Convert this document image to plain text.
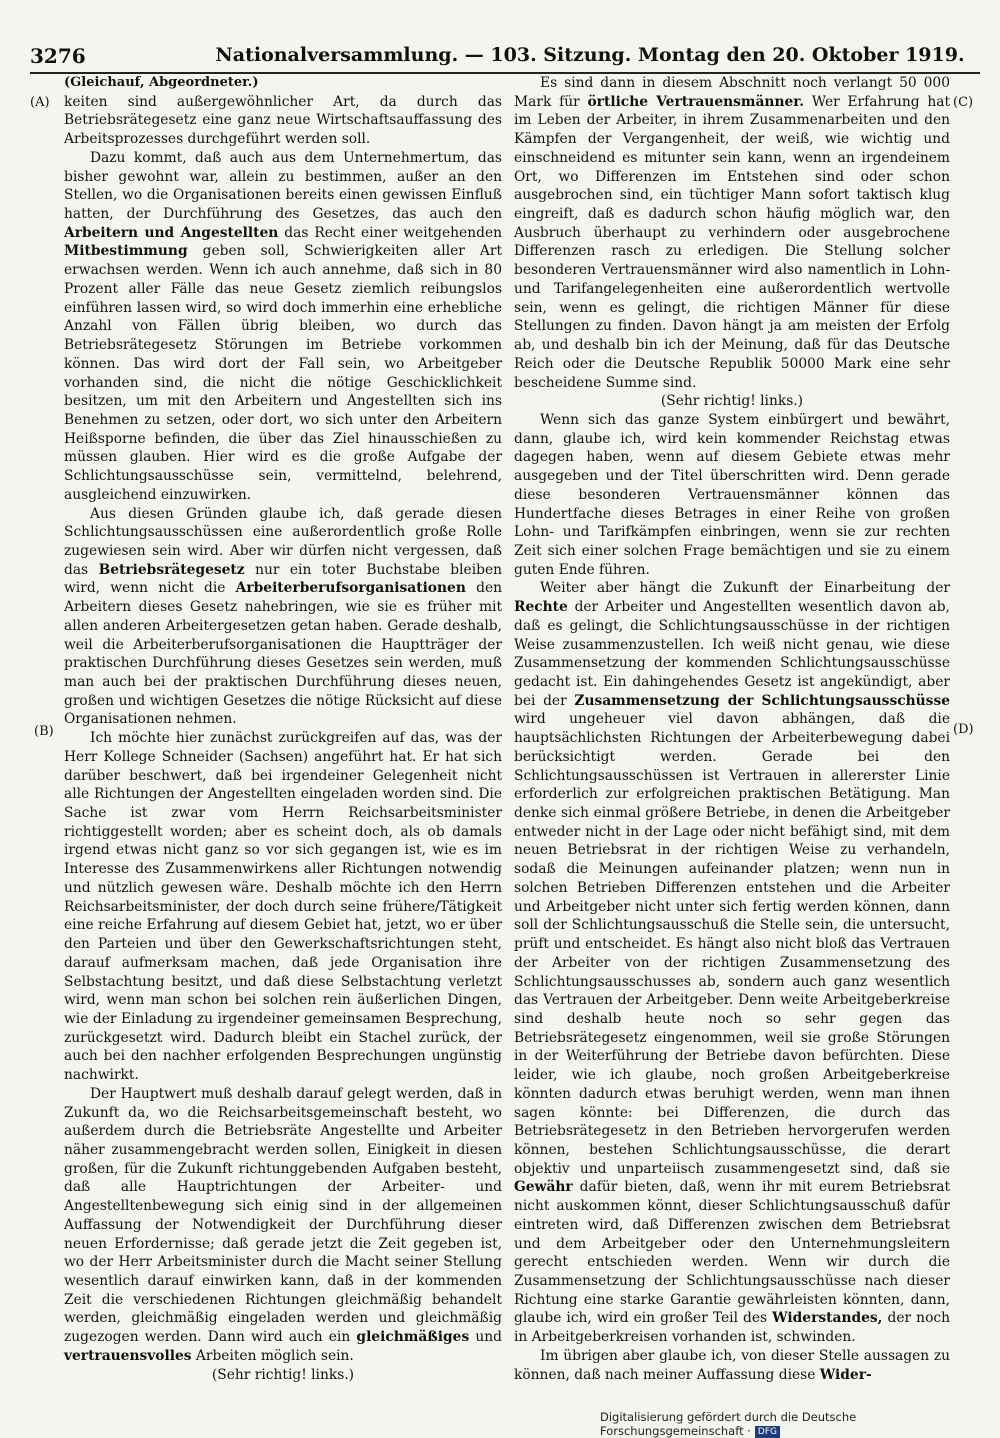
3276	Nationalversammlung. — 103. Sitzung. Montag den 20. Oktober 1919.
(A)
(B)
(C)
(D)

(Gleichauf, Abgeordneter.)

keiten sind außergewöhnlicher Art, da durch das Betriebsrätegesetz eine ganz neue Wirtschaftsauffassung des Arbeitsprozesses durchgeführt werden soll.

Dazu kommt, daß auch aus dem Unternehmertum, das bisher gewohnt war, allein zu bestimmen, außer an den Stellen, wo die Organisationen bereits einen gewissen Einfluß hatten, der Durchführung des Gesetzes, das auch den Arbeitern und Angestellten das Recht einer weitgehenden Mitbestimmung geben soll, Schwierigkeiten aller Art erwachsen werden. Wenn ich auch annehme, daß sich in 80 Prozent aller Fälle das neue Gesetz ziemlich reibungslos einführen lassen wird, so wird doch immerhin eine erhebliche Anzahl von Fällen übrig bleiben, wo durch das Betriebsrätegesetz Störungen im Betriebe vorkommen können. Das wird dort der Fall sein, wo Arbeitgeber vorhanden sind, die nicht die nötige Geschicklichkeit besitzen, um mit den Arbeitern und Angestellten sich ins Benehmen zu setzen, oder dort, wo sich unter den Arbeitern Heißsporne befinden, die über das Ziel hinausschießen zu müssen glauben. Hier wird es die große Aufgabe der Schlichtungsausschüsse sein, vermittelnd, belehrend, ausgleichend einzuwirken.

Aus diesen Gründen glaube ich, daß gerade diesen Schlichtungsausschüssen eine außerordentlich große Rolle zugewiesen sein wird. Aber wir dürfen nicht vergessen, daß das Betriebsrätegesetz nur ein toter Buchstabe bleiben wird, wenn nicht die Arbeiterberufsorganisationen den Arbeitern dieses Gesetz nahebringen, wie sie es früher mit allen anderen Arbeitergesetzen getan haben. Gerade deshalb, weil die Arbeiterberufsorganisationen die Hauptträger der praktischen Durchführung dieses Gesetzes sein werden, muß man auch bei der praktischen Durchführung dieses neuen, großen und wichtigen Gesetzes die nötige Rücksicht auf diese Organisationen nehmen.

Ich möchte hier zunächst zurückgreifen auf das, was der Herr Kollege Schneider (Sachsen) angeführt hat. Er hat sich darüber beschwert, daß bei irgendeiner Gelegenheit nicht alle Richtungen der Angestellten eingeladen worden sind. Die Sache ist zwar vom Herrn Reichsarbeitsminister richtiggestellt worden; aber es scheint doch, als ob damals irgend etwas nicht ganz so vor sich gegangen ist, wie es im Interesse des Zusammenwirkens aller Richtungen notwendig und nützlich gewesen wäre. Deshalb möchte ich den Herrn Reichsarbeitsminister, der doch durch seine frühere/Tätigkeit eine reiche Erfahrung auf diesem Gebiet hat, jetzt, wo er über den Parteien und über den Gewerkschaftsrichtungen steht, darauf aufmerksam machen, daß jede Organisation ihre Selbstachtung besitzt, und daß diese Selbstachtung verletzt wird, wenn man schon bei solchen rein äußerlichen Dingen, wie der Einladung zu irgendeiner gemeinsamen Besprechung, zurückgesetzt wird. Dadurch bleibt ein Stachel zurück, der auch bei den nachher erfolgenden Besprechungen ungünstig nachwirkt.

Der Hauptwert muß deshalb darauf gelegt werden, daß in Zukunft da, wo die Reichsarbeitsgemeinschaft besteht, wo außerdem durch die Betriebsräte Angestellte und Arbeiter näher zusammengebracht werden sollen, Einigkeit in diesen großen, für die Zukunft richtunggebenden Aufgaben besteht, daß alle Hauptrichtungen der Arbeiter- und Angestelltenbewegung sich einig sind in der allgemeinen Auffassung der Notwendigkeit der Durchführung dieser neuen Erfordernisse; daß gerade jetzt die Zeit gegeben ist, wo der Herr Arbeitsminister durch die Macht seiner Stellung wesentlich darauf einwirken kann, daß in der kommenden Zeit die verschiedenen Richtungen gleichmäßig behandelt werden, gleichmäßig eingeladen werden und gleichmäßig zugezogen werden. Dann wird auch ein gleichmäßiges und vertrauensvolles Arbeiten möglich sein.

(Sehr richtig! links.)

Es sind dann in diesem Abschnitt noch verlangt 50 000 Mark für örtliche Vertrauensmänner. Wer Erfahrung hat im Leben der Arbeiter, in ihrem Zusammenarbeiten und den Kämpfen der Vergangenheit, der weiß, wie wichtig und einschneidend es mitunter sein kann, wenn an irgendeinem Ort, wo Differenzen im Entstehen sind oder schon ausgebrochen sind, ein tüchtiger Mann sofort taktisch klug eingreift, daß es dadurch schon häufig möglich war, den Ausbruch überhaupt zu verhindern oder ausgebrochene Differenzen rasch zu erledigen. Die Stellung solcher besonderen Vertrauensmänner wird also namentlich in Lohn- und Tarifangelegenheiten eine außerordentlich wertvolle sein, wenn es gelingt, die richtigen Männer für diese Stellungen zu finden. Davon hängt ja am meisten der Erfolg ab, und deshalb bin ich der Meinung, daß für das Deutsche Reich oder die Deutsche Republik 50000 Mark eine sehr bescheidene Summe sind.

(Sehr richtig! links.)

Wenn sich das ganze System einbürgert und bewährt, dann, glaube ich, wird kein kommender Reichstag etwas dagegen haben, wenn auf diesem Gebiete etwas mehr ausgegeben und der Titel überschritten wird. Denn gerade diese besonderen Vertrauensmänner können das Hundertfache dieses Betrages in einer Reihe von großen Lohn- und Tarifkämpfen einbringen, wenn sie zur rechten Zeit sich einer solchen Frage bemächtigen und sie zu einem guten Ende führen.

Weiter aber hängt die Zukunft der Einarbeitung der Rechte der Arbeiter und Angestellten wesentlich davon ab, daß es gelingt, die Schlichtungsausschüsse in der richtigen Weise zusammenzustellen. Ich weiß nicht genau, wie diese Zusammensetzung der kommenden Schlichtungsausschüsse gedacht ist. Ein dahingehendes Gesetz ist angekündigt, aber bei der Zusammensetzung der Schlichtungsausschüsse wird ungeheuer viel davon abhängen, daß die hauptsächlichsten Richtungen der Arbeiterbewegung dabei berücksichtigt werden. Gerade bei den Schlichtungsausschüssen ist Vertrauen in allererster Linie erforderlich zur erfolgreichen praktischen Betätigung. Man denke sich einmal größere Betriebe, in denen die Arbeitgeber entweder nicht in der Lage oder nicht befähigt sind, mit dem neuen Betriebsrat in der richtigen Weise zu verhandeln, sodaß die Meinungen aufeinander platzen; wenn nun in solchen Betrieben Differenzen entstehen und die Arbeiter und Arbeitgeber nicht unter sich fertig werden können, dann soll der Schlichtungsausschuß die Stelle sein, die untersucht, prüft und entscheidet. Es hängt also nicht bloß das Vertrauen der Arbeiter von der richtigen Zusammensetzung des Schlichtungsausschusses ab, sondern auch ganz wesentlich das Vertrauen der Arbeitgeber. Denn weite Arbeitgeberkreise sind deshalb heute noch so sehr gegen das Betriebsrätegesetz eingenommen, weil sie große Störungen in der Weiterführung der Betriebe davon befürchten. Diese leider, wie ich glaube, noch großen Arbeitgeberkreise könnten dadurch etwas beruhigt werden, wenn man ihnen sagen könnte: bei Differenzen, die durch das Betriebsrätegesetz in den Betrieben hervorgerufen werden können, bestehen Schlichtungsausschüsse, die derart objektiv und unparteiisch zusammengesetzt sind, daß sie Gewähr dafür bieten, daß, wenn ihr mit eurem Betriebsrat nicht auskommen könnt, dieser Schlichtungsausschuß dafür eintreten wird, daß Differenzen zwischen dem Betriebsrat und dem Arbeitgeber oder den Unternehmungsleitern gerecht entschieden werden. Wenn wir durch die Zusammensetzung der Schlichtungsausschüsse nach dieser Richtung eine starke Garantie gewährleisten könnten, dann, glaube ich, wird ein großer Teil des Widerstandes, der noch in Arbeitgeberkreisen vorhanden ist, schwinden.

Im übrigen aber glaube ich, von dieser Stelle aussagen zu können, daß nach meiner Auffassung diese Wider-

Digitalisierung gefördert durch die Deutsche Forschungsgemeinschaft · DFG
